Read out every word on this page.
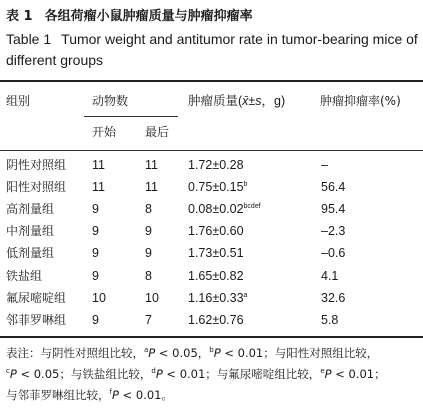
表 1 各组荷瘤小鼠肿瘤质量与肿瘤抑瘤率
Table 1 Tumor weight and antitumor rate in tumor-bearing mice of different groups
组别	动物数	肿瘤质量(x̄±s，g)	肿瘤抑瘤率(%)
开始 最后
阴性对照组 11	11 1.72±0.28	–
阳性对照组 11	11 0.75±0.15$^b$	56.4
高剂量组	9	8	$0.08\pm 0.02^{bcdef}$	95.4
中剂量组	9	9	1.76±0.60	–2.3
低剂量组	9	9	1.73±0.51	–0.6
铁盐组	9	8	1.65±0.82	4.1
氟尿嘧啶组 10	10 1.16±0.33$^a$	32.6
邻菲罗啉组 9	7	1.62±0.76	5.8
表注：与阴性对照组比较，$^a$P < 0.05，$^b$P < 0.01；与阳性对照组比较，
$^c$P < 0.05；与铁盐组比较，$^d$P < 0.01；与氟尿嘧啶组比较，$^e$P < 0.01；
与邻菲罗啉组比较，$^f$P < 0.01。
